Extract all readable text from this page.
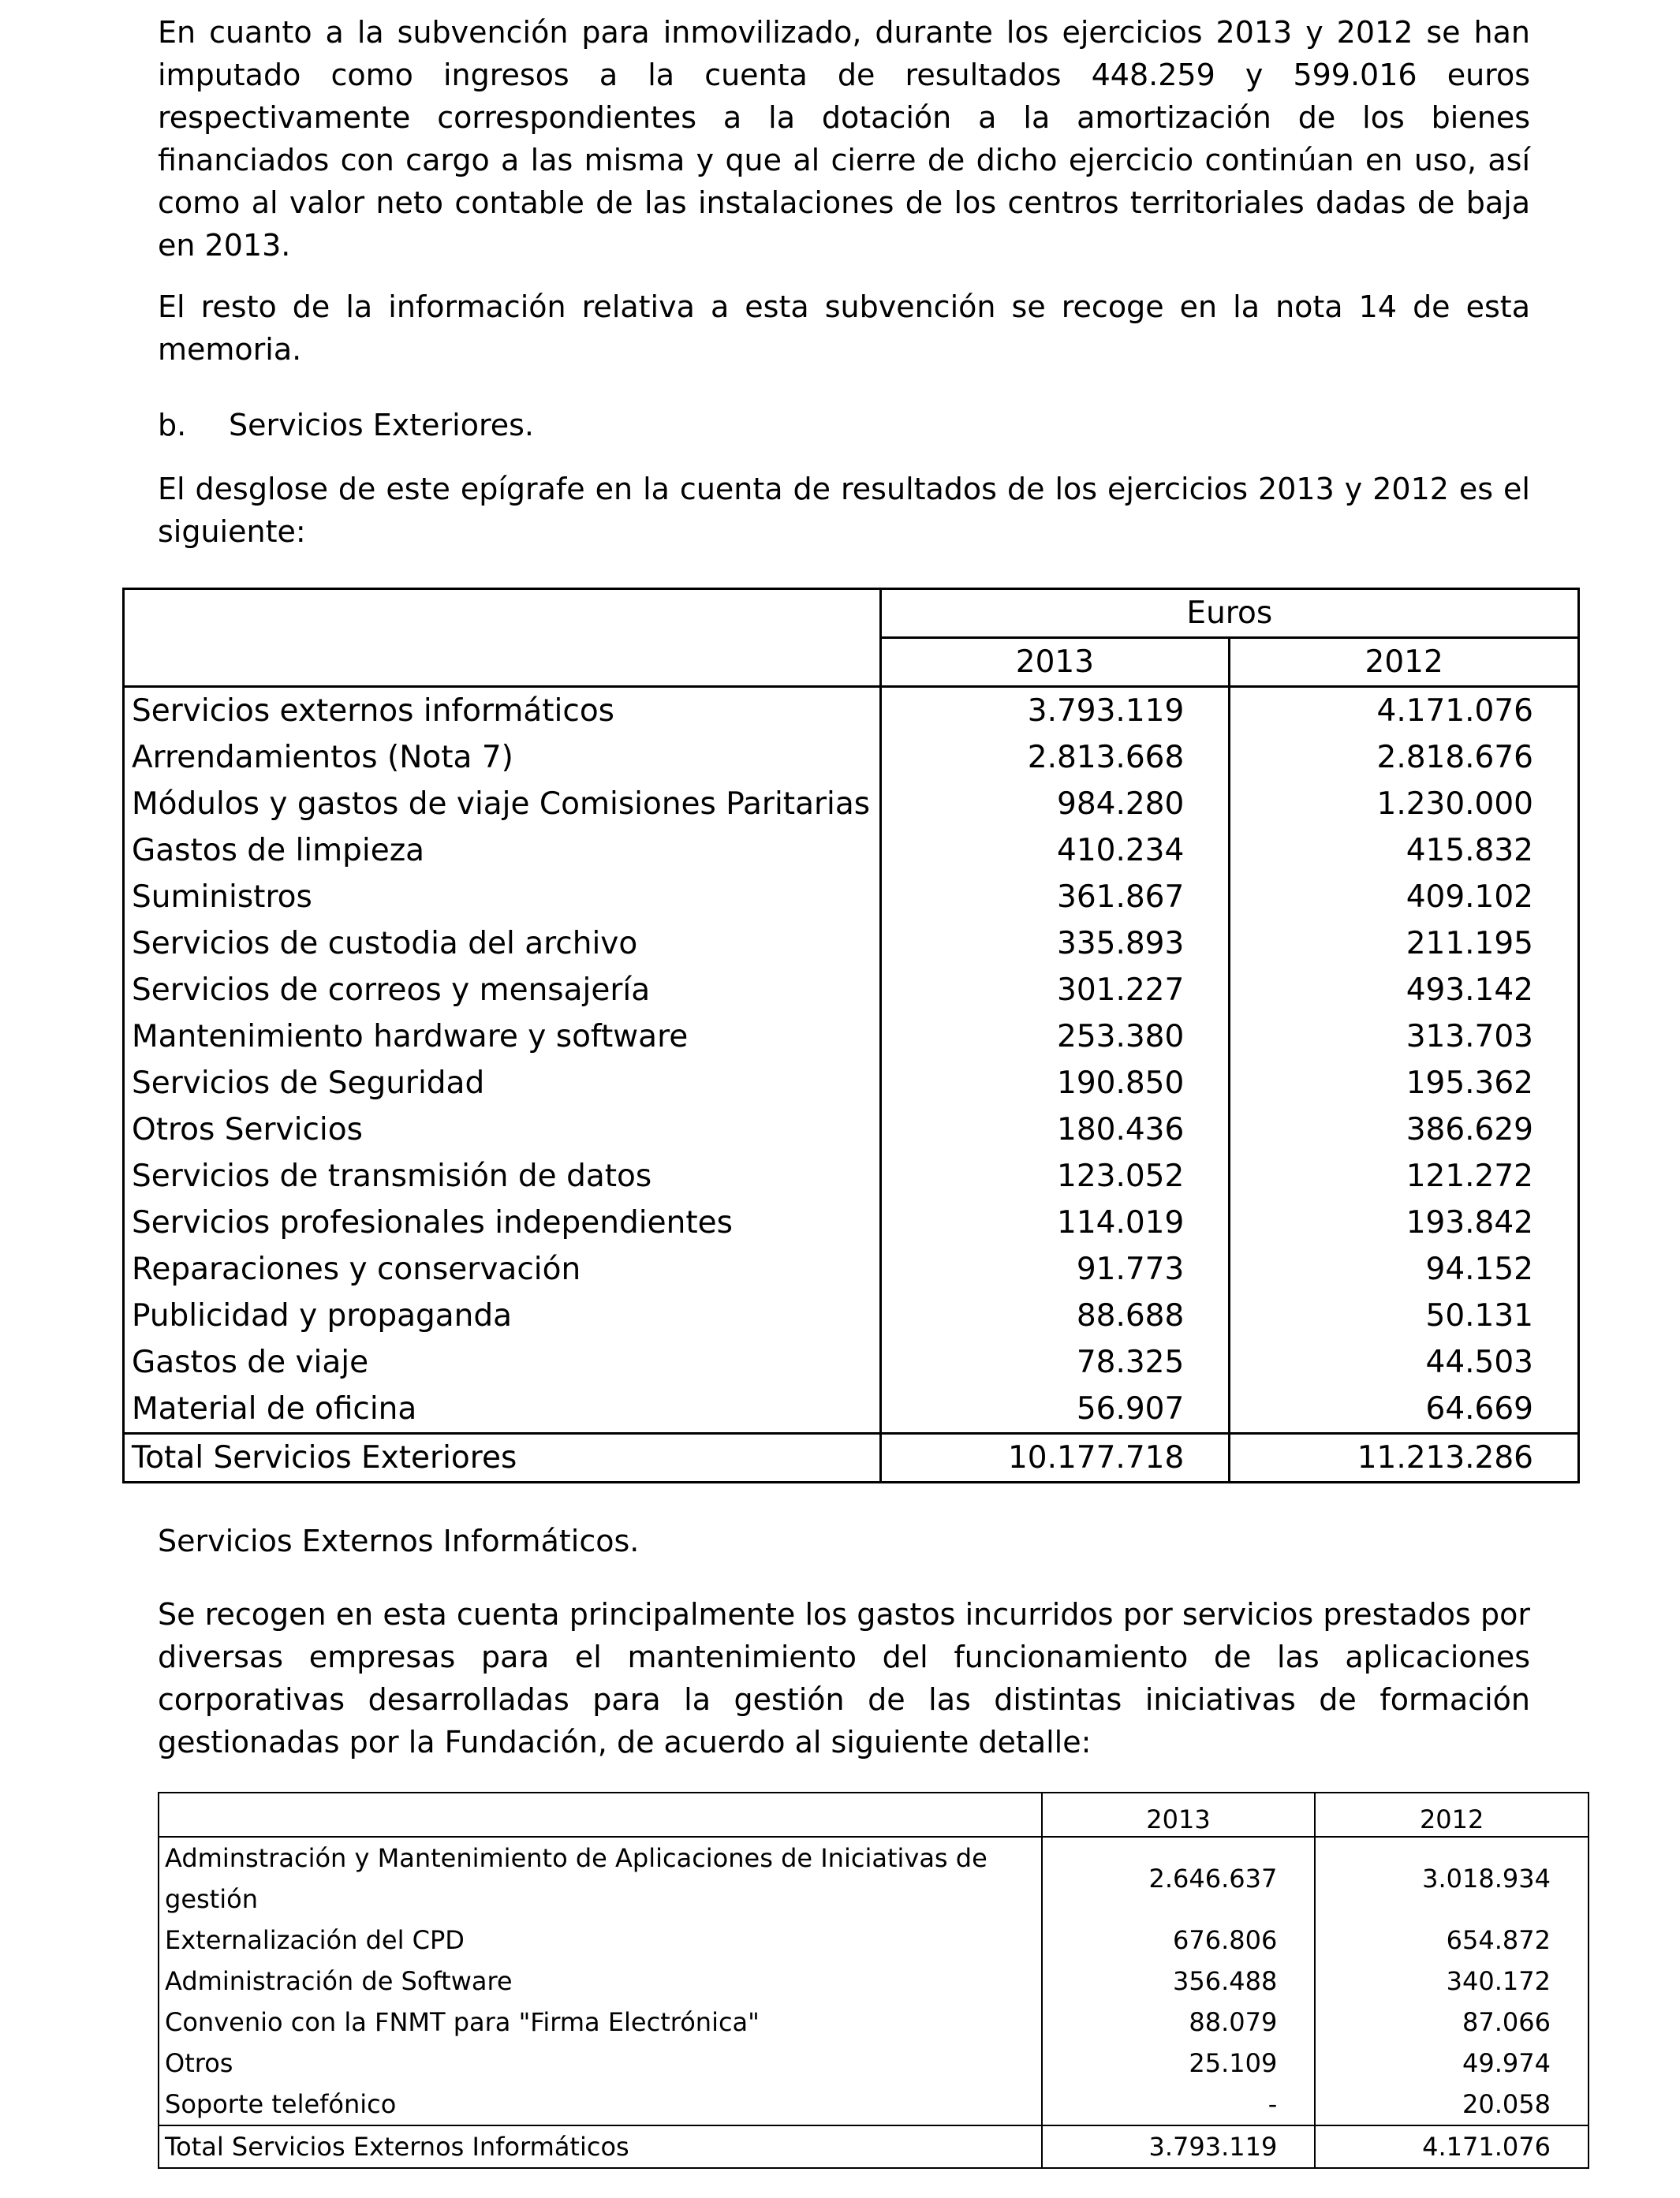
En cuanto a la subvención para inmovilizado, durante los ejercicios 2013 y 2012 se han imputado como ingresos a la cuenta de resultados 448.259 y 599.016 euros respectivamente correspondientes a la dotación a la amortización de los bienes financiados con cargo a las misma y que al cierre de dicho ejercicio continúan en uso, así como al valor neto contable de las instalaciones de los centros territoriales dadas de baja en 2013.

El resto de la información relativa a esta subvención se recoge en la nota 14 de esta memoria.

b. Servicios Exteriores.

El desglose de este epígrafe en la cuenta de resultados de los ejercicios 2013 y 2012 es el siguiente:

	Euros	
	2013	2012
Servicios externos informáticos	3.793.119	4.171.076
Arrendamientos (Nota 7)	2.813.668	2.818.676
Módulos y gastos de viaje Comisiones Paritarias	984.280	1.230.000
Gastos de limpieza	410.234	415.832
Suministros	361.867	409.102
Servicios de custodia del archivo	335.893	211.195
Servicios de correos y mensajería	301.227	493.142
Mantenimiento hardware y software	253.380	313.703
Servicios de Seguridad	190.850	195.362
Otros Servicios	180.436	386.629
Servicios de transmisión de datos	123.052	121.272
Servicios profesionales independientes	114.019	193.842
Reparaciones y conservación	91.773	94.152
Publicidad y propaganda	88.688	50.131
Gastos de viaje	78.325	44.503
Material de oficina	56.907	64.669
Total Servicios Exteriores	10.177.718	11.213.286

Servicios Externos Informáticos.

Se recogen en esta cuenta principalmente los gastos incurridos por servicios prestados por diversas empresas para el mantenimiento del funcionamiento de las aplicaciones corporativas desarrolladas para la gestión de las distintas iniciativas de formación gestionadas por la Fundación, de acuerdo al siguiente detalle:

	2013	2012
Adminstración y Mantenimiento de Aplicaciones de Iniciativas de gestión	2.646.637	3.018.934
Externalización del CPD	676.806	654.872
Administración de Software	356.488	340.172
Convenio con la FNMT para "Firma Electrónica"	88.079	87.066
Otros	25.109	49.974
Soporte telefónico	-	20.058
Total Servicios Externos Informáticos	3.793.119	4.171.076
